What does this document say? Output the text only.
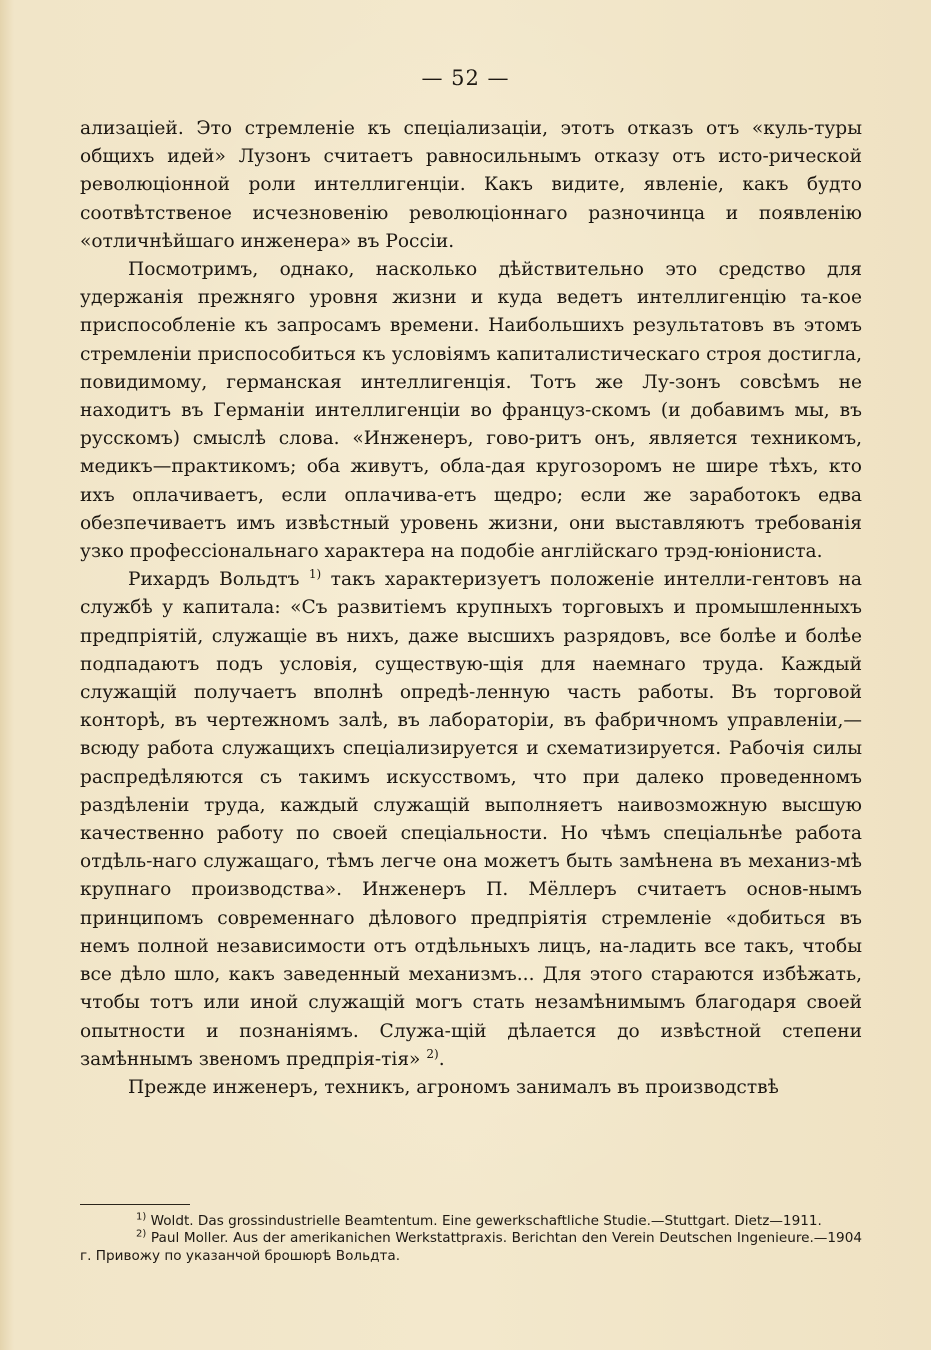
— 52 —

ализаціей. Это стремленіе къ спеціализаціи, этотъ отказъ отъ «куль-туры общихъ идей» Лузонъ считаетъ равносильнымъ отказу отъ исто-рической революціонной роли интеллигенціи. Какъ видите, явленіе, какъ будто соотвѣтственое исчезновенію революціоннаго разночинца и появленію «отличнѣйшаго инженера» въ Россіи.

Посмотримъ, однако, насколько дѣйствительно это средство для удержанія прежняго уровня жизни и куда ведетъ интеллигенцію та-кое приспособленіе къ запросамъ времени. Наибольшихъ результатовъ въ этомъ стремленіи приспособиться къ условіямъ капиталистическаго строя достигла, повидимому, германская интеллигенція. Тотъ же Лу-зонъ совсѣмъ не находитъ въ Германіи интеллигенціи во француз-скомъ (и добавимъ мы, въ русскомъ) смыслѣ слова. «Инженеръ, гово-ритъ онъ, является техникомъ, медикъ—практикомъ; оба живутъ, обла-дая кругозоромъ не шире тѣхъ, кто ихъ оплачиваетъ, если оплачива-етъ щедро; если же заработокъ едва обезпечиваетъ имъ извѣстный уровень жизни, они выставляютъ требованія узко профессіональнаго характера на подобіе англійскаго трэд-юніониста.

Рихардъ Вольдтъ $^{1)}$ такъ характеризуетъ положеніе интелли-гентовъ на службѣ у капитала: «Съ развитіемъ крупныхъ торговыхъ и промышленныхъ предпріятій, служащіе въ нихъ, даже высшихъ разрядовъ, все болѣе и болѣе подпадаютъ подъ условія, существую-щія для наемнаго труда. Каждый служащій получаетъ вполнѣ опредѣ-ленную часть работы. Въ торговой конторѣ, въ чертежномъ залѣ, въ лабораторіи, въ фабричномъ управленіи,—всюду работа служащихъ спеціализируется и схематизируется. Рабочія силы распредѣляются съ такимъ искусствомъ, что при далеко проведенномъ раздѣленіи труда, каждый служащій выполняетъ наивозможную высшую качественно работу по своей спеціальности. Но чѣмъ спеціальнѣе работа отдѣль-наго служащаго, тѣмъ легче она можетъ быть замѣнена въ механиз-мѣ крупнаго производства». Инженеръ П. Мёллеръ считаетъ основ-нымъ принципомъ современнаго дѣлового предпріятія стремленіе «добиться въ немъ полной независимости отъ отдѣльныхъ лицъ, на-ладить все такъ, чтобы все дѣло шло, какъ заведенный механизмъ... Для этого стараются избѣжать, чтобы тотъ или иной служащій могъ стать незамѣнимымъ благодаря своей опытности и познаніямъ. Служа-щій дѣлается до извѣстной степени замѣннымъ звеномъ предпрія-тія» $^{2)}$.

Прежде инженеръ, техникъ, агрономъ занималъ въ производствѣ

$^{1)}$ Woldt. Das grossindustrielle Beamtentum. Eine gewerkschaftliche Studie.—Stuttgart. Dietz—1911.

$^{2)}$ Paul Moller. Aus der amerikanichen Werkstattpraxis. Berichtan den Verein Deutschen Ingenieure.—1904 г. Привожу по указанчой брошюрѣ Вольдта.
